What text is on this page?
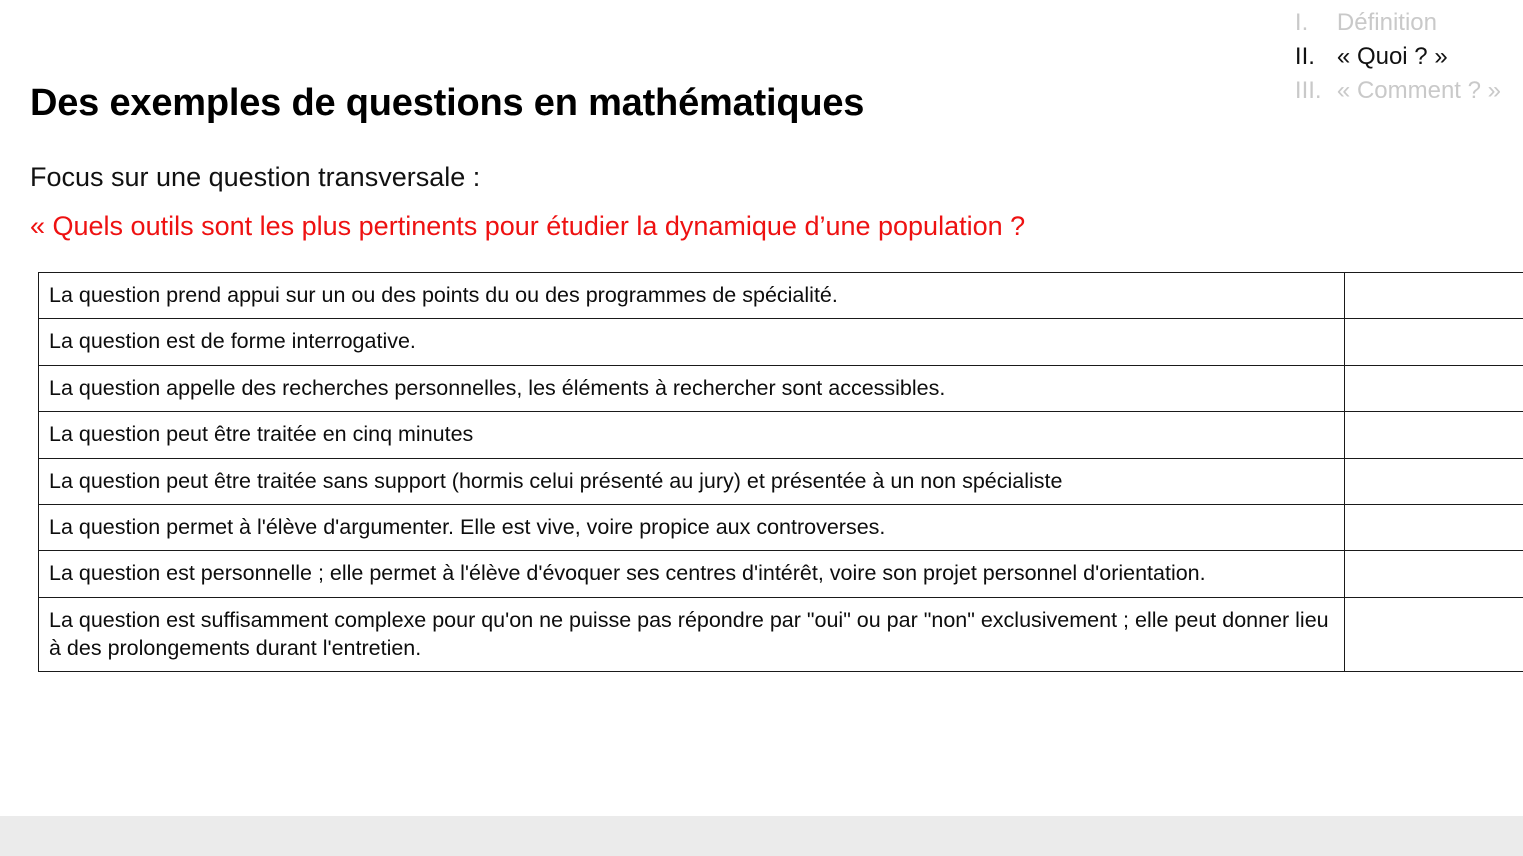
I.	Définition
II. « Quoi ? »
III. « Comment ? »
Des exemples de questions en mathématiques
Focus sur une question transversale :
« Quels outils sont les plus pertinents pour étudier la dynamique d’une population ?
La question prend appui sur un ou des points du ou des programmes de spécialité.	
La question est de forme interrogative.	
La question appelle des recherches personnelles, les éléments à rechercher sont accessibles.	
La question peut être traitée en cinq minutes	
La question peut être traitée sans support (hormis celui présenté au jury) et présentée à un non spécialiste	
La question permet à l'élève d'argumenter. Elle est vive, voire propice aux controverses.	
La question est personnelle ; elle permet à l'élève d'évoquer ses centres d'intérêt, voire son projet personnel d'orientation.	
La question est suffisamment complexe pour qu'on ne puisse pas répondre par "oui" ou par "non" exclusivement ; elle peut donner lieu à des prolongements durant l'entretien.	
